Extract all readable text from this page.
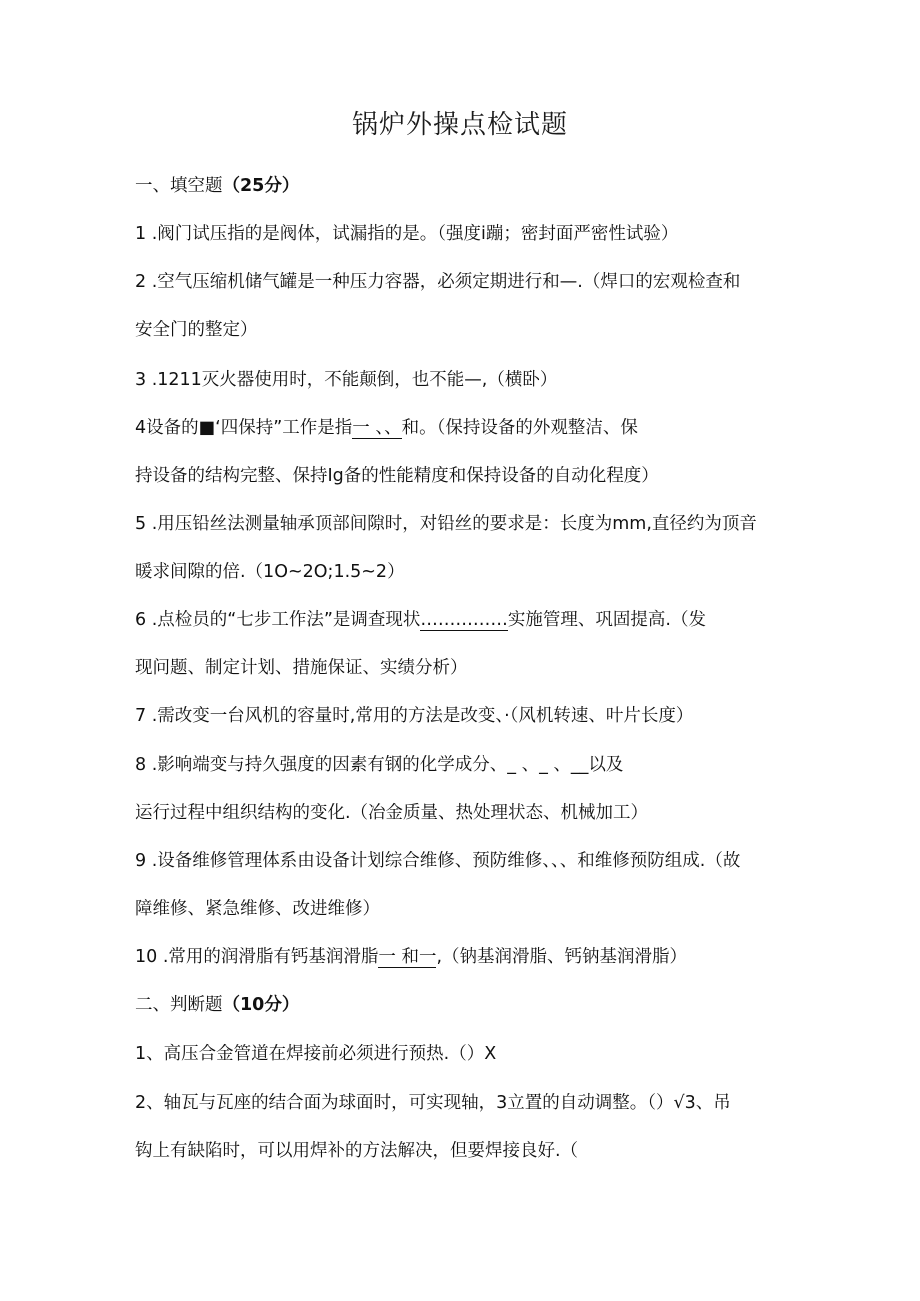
锅炉外操点检试题
一、填空题（25分）
1 .阀门试压指的是阀体，试漏指的是。（强度i蹦；密封面严密性试验）
2 .空气压缩机储气罐是一种压力容器，必须定期进行和—.（焊口的宏观检查和
安全门的整定）
3 .1211灭火器使用时，不能颠倒，也不能—,（横卧）
4设备的■‘四保持”工作是指一 、、和。（保持设备的外观整洁、保
持设备的结构完整、保持Ig备的性能精度和保持设备的自动化程度）
5 .用压铅丝法测量轴承顶部间隙时，对铅丝的要求是：长度为mm,直径约为顶音
暖求间隙的倍.（1O~2O;1.5~2）
6 .点检员的“七步工作法”是调查现状……………实施管理、巩固提高.（发
现问题、制定计划、措施保证、实绩分析）
7 .需改变一台风机的容量时,常用的方法是改变、·（风机转速、叶片长度）
8 .影响端变与持久强度的因素有钢的化学成分、_ 、_ 、__以及
运行过程中组织结构的变化.（冶金质量、热处理状态、机械加工）
9 .设备维修管理体系由设备计划综合维修、预防维修、、、和维修预防组成.（故
障维修、紧急维修、改进维修）
10 .常用的润滑脂有钙基润滑脂一 和一,（钠基润滑脂、钙钠基润滑脂）
二、判断题（10分）
1、高压合金管道在焊接前必须进行预热.（）X
2、轴瓦与瓦座的结合面为球面时，可实现轴，3立置的自动调整。（）√3、吊
钩上有缺陷时，可以用焊补的方法解决，但要焊接良好.（
